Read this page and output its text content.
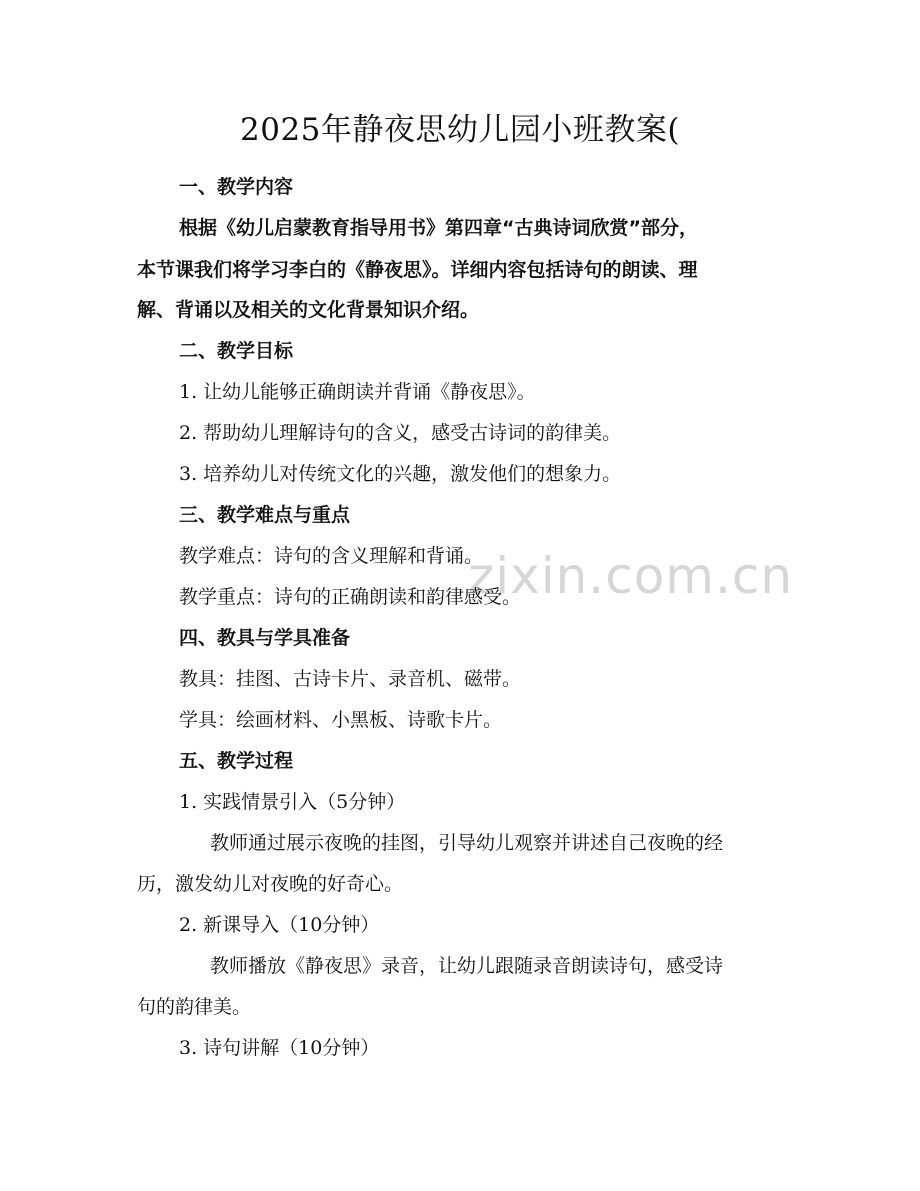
zixin.com.cn
2025年静夜思幼儿园小班教案(

一、教学内容

根据《幼儿启蒙教育指导用书》第四章“古典诗词欣赏”部分，

本节课我们将学习李白的《静夜思》。详细内容包括诗句的朗读、理

解、背诵以及相关的文化背景知识介绍。

二、教学目标

1. 让幼儿能够正确朗读并背诵《静夜思》。

2. 帮助幼儿理解诗句的含义，感受古诗词的韵律美。

3. 培养幼儿对传统文化的兴趣，激发他们的想象力。

三、教学难点与重点

教学难点：诗句的含义理解和背诵。

教学重点：诗句的正确朗读和韵律感受。

四、教具与学具准备

教具：挂图、古诗卡片、录音机、磁带。

学具：绘画材料、小黑板、诗歌卡片。

五、教学过程

1. 实践情景引入（5分钟）

教师通过展示夜晚的挂图，引导幼儿观察并讲述自己夜晚的经

历，激发幼儿对夜晚的好奇心。

2. 新课导入（10分钟）

教师播放《静夜思》录音，让幼儿跟随录音朗读诗句，感受诗

句的韵律美。

3. 诗句讲解（10分钟）
